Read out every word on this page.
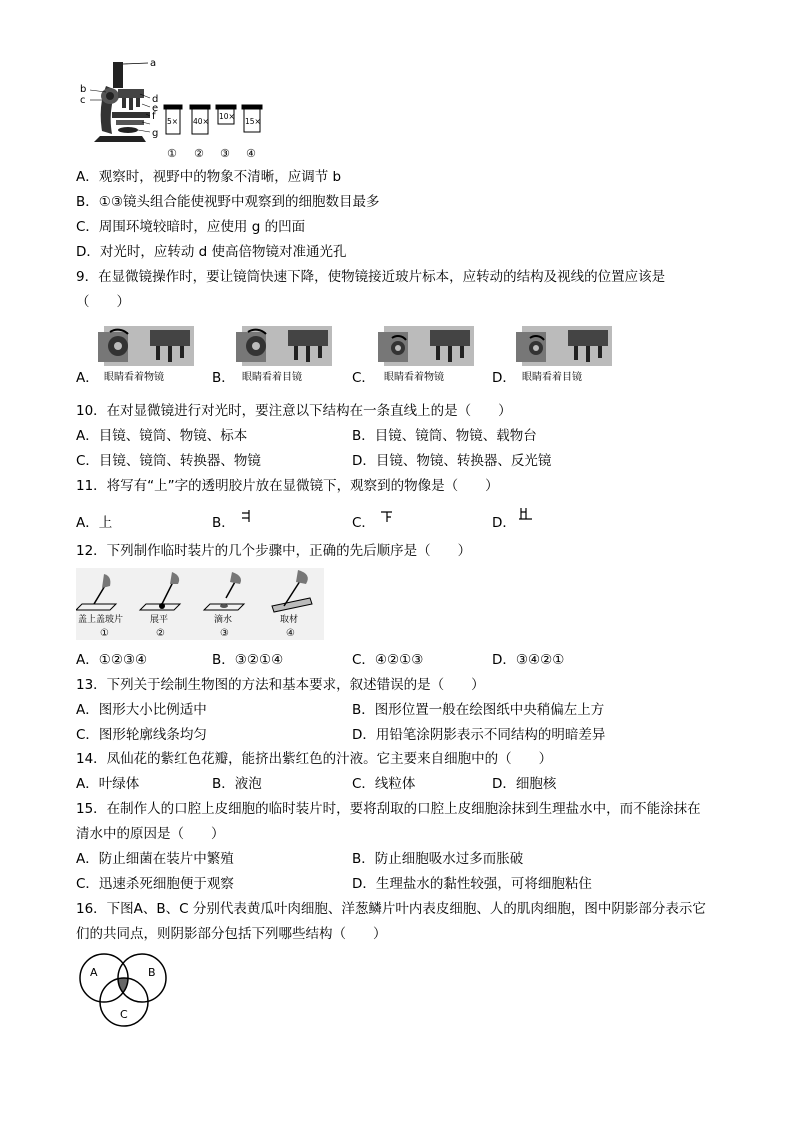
a
b
c	d
e
f
g
5× 40×
10×
15×
① ② ③ ④
A．观察时，视野中的物象不清晰，应调节 b
B．①③镜头组合能使视野中观察到的细胞数目最多
C．周围环境较暗时，应使用 g 的凹面
D．对光时，应转动 d 使高倍物镜对准通光孔
9．在显微镜操作时，要让镜筒快速下降，使物镜接近玻片标本，应转动的结构及视线的位置应该是
（　　）
A．	B．	C．	D．
眼睛看着物镜	眼睛看着目镜	眼睛看着物镜	眼睛看着目镜
10．在对显微镜进行对光时，要注意以下结构在一条直线上的是（　　）
A．目镜、镜筒、物镜、标本	B．目镜、镜筒、物镜、载物台
C．目镜、镜筒、转换器、物镜	D．目镜、物镜、转换器、反光镜
11．将写有“上”字的透明胶片放在显微镜下，观察到的物像是（　　）
A．上	B．	C．	D．
12．下列制作临时装片的几个步骤中，正确的先后顺序是（　　）
盖上盖玻片	展平	滴水	取材
①	②	③	④
A．①②③④	B．③②①④	C．④②①③	D．③④②①
13．下列关于绘制生物图的方法和基本要求，叙述错误的是（　　）
A．图形大小比例适中	B．图形位置一般在绘图纸中央稍偏左上方
C．图形轮廓线条均匀	D．用铅笔涂阴影表示不同结构的明暗差异
14．凤仙花的紫红色花瓣，能挤出紫红色的汁液。它主要来自细胞中的（　　）
A．叶绿体	B．液泡	C．线粒体	D．细胞核
15．在制作人的口腔上皮细胞的临时装片时，要将刮取的口腔上皮细胞涂抹到生理盐水中，而不能涂抹在
清水中的原因是（　　）
A．防止细菌在装片中繁殖	B．防止细胞吸水过多而胀破
C．迅速杀死细胞便于观察	D．生理盐水的黏性较强，可将细胞粘住
16．下图A、B、C 分别代表黄瓜叶肉细胞、洋葱鳞片叶内表皮细胞、人的肌肉细胞，图中阴影部分表示它
们的共同点，则阴影部分包括下列哪些结构（　　）
A	B
C
